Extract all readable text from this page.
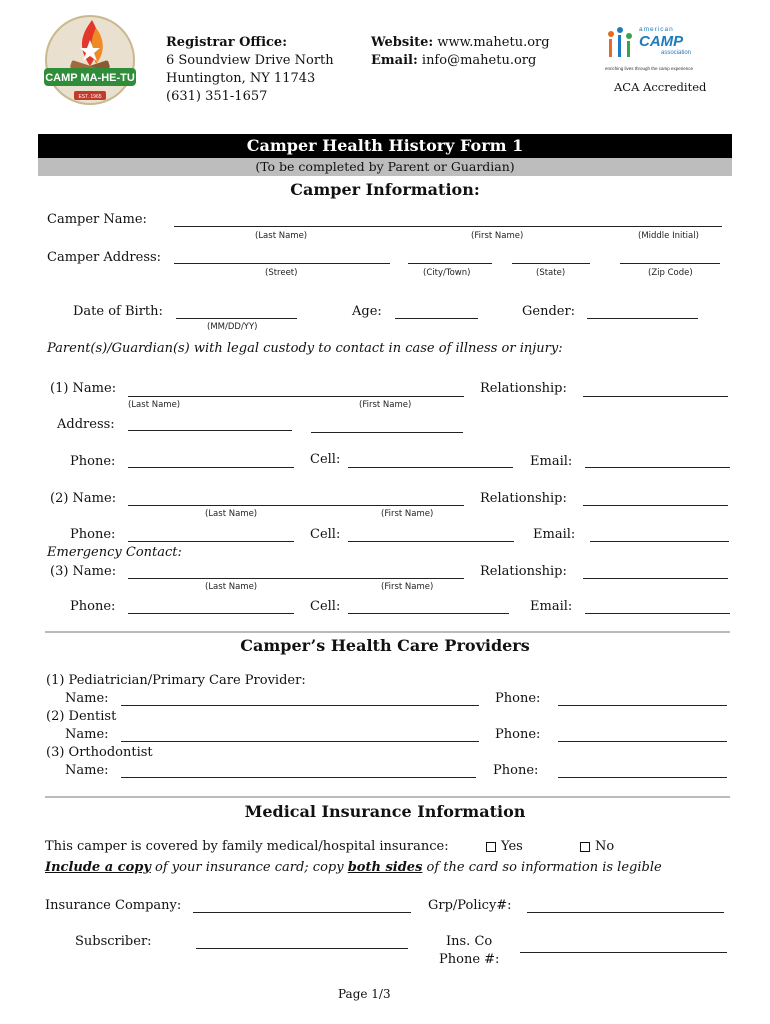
CAMP MA-HE-TU
EST. 1965
Registrar Office:
6 Soundview Drive North
Huntington, NY 11743
(631) 351-1657
Website: www.mahetu.org
Email: info@mahetu.org
american
CAMP
association
enriching lives through the camp experience
ACA Accredited
Camper Health History Form 1
(To be completed by Parent or Guardian)
Camper Information:
Camper Name:
(Last Name)	(First Name)	(Middle Initial)
Camper Address:
(Street)	(City/Town)	(State)	(Zip Code)
Date of Birth:
(MM/DD/YY)
Age:	Gender:
Parent(s)/Guardian(s) with legal custody to contact in case of illness or injury:
(1) Name:
(Last Name)	(First Name)
Relationship:
Address:
Phone:	Cell:	Email:
(2) Name:
(Last Name)	(First Name)
Relationship:
Phone:	Cell:	Email:
Emergency Contact:
(3) Name:
(Last Name)	(First Name)
Relationship:
Phone:	Cell:	Email:
Camper’s Health Care Providers
(1) Pediatrician/Primary Care Provider:
Name:	Phone:
(2) Dentist
Name:	Phone:
(3) Orthodontist
Name:	Phone:
Medical Insurance Information
This camper is covered by family medical/hospital insurance:	Yes	No
Include a copy of your insurance card; copy both sides of the card so information is legible
Insurance Company:	Grp/Policy#:
Subscriber:	Ins. Co
Phone #:
Page 1/3
